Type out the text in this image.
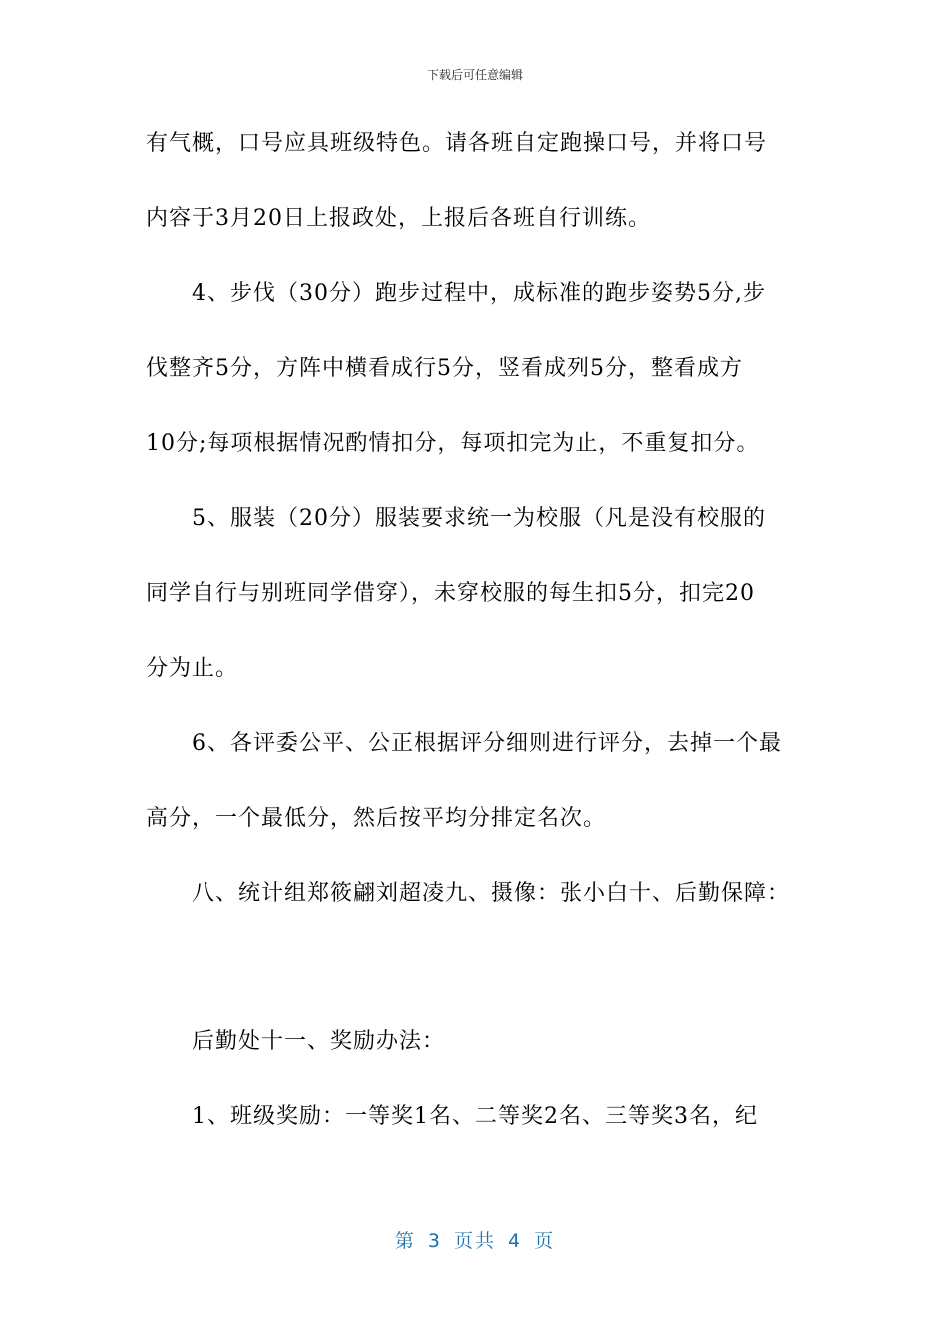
下载后可任意编辑
有气概，口号应具班级特色。请各班自定跑操口号，并将口号
内容于3月20日上报政处，上报后各班自行训练。
4、步伐（30分）跑步过程中，成标准的跑步姿势5分,步
伐整齐5分，方阵中横看成行5分，竖看成列5分，整看成方
10分;每项根据情况酌情扣分，每项扣完为止，不重复扣分。
5、服装（20分）服装要求统一为校服（凡是没有校服的
同学自行与别班同学借穿），未穿校服的每生扣5分，扣完20
分为止。
6、各评委公平、公正根据评分细则进行评分，去掉一个最
高分，一个最低分，然后按平均分排定名次。
八、统计组郑筱翩刘超凌九、摄像：张小白十、后勤保障：
后勤处十一、奖励办法：
1、班级奖励：一等奖1名、二等奖2名、三等奖3名，纪
第 3 页共 4 页
